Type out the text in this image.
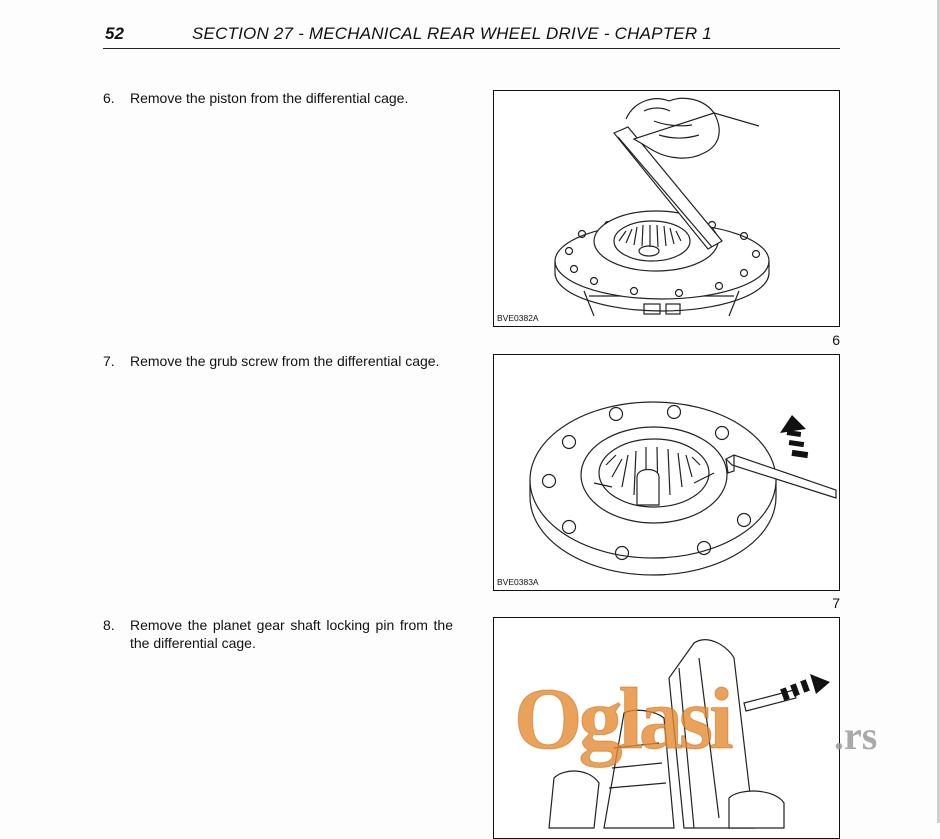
52	SECTION 27 - MECHANICAL REAR WHEEL DRIVE - CHAPTER 1
6. Remove the piston from the differential cage.
7. Remove the grub screw from the differential cage.
8. Remove the planet gear shaft locking pin from the the differential cage.
BVE0382A
6
BVE0383A
7
Oglasi	.rs
